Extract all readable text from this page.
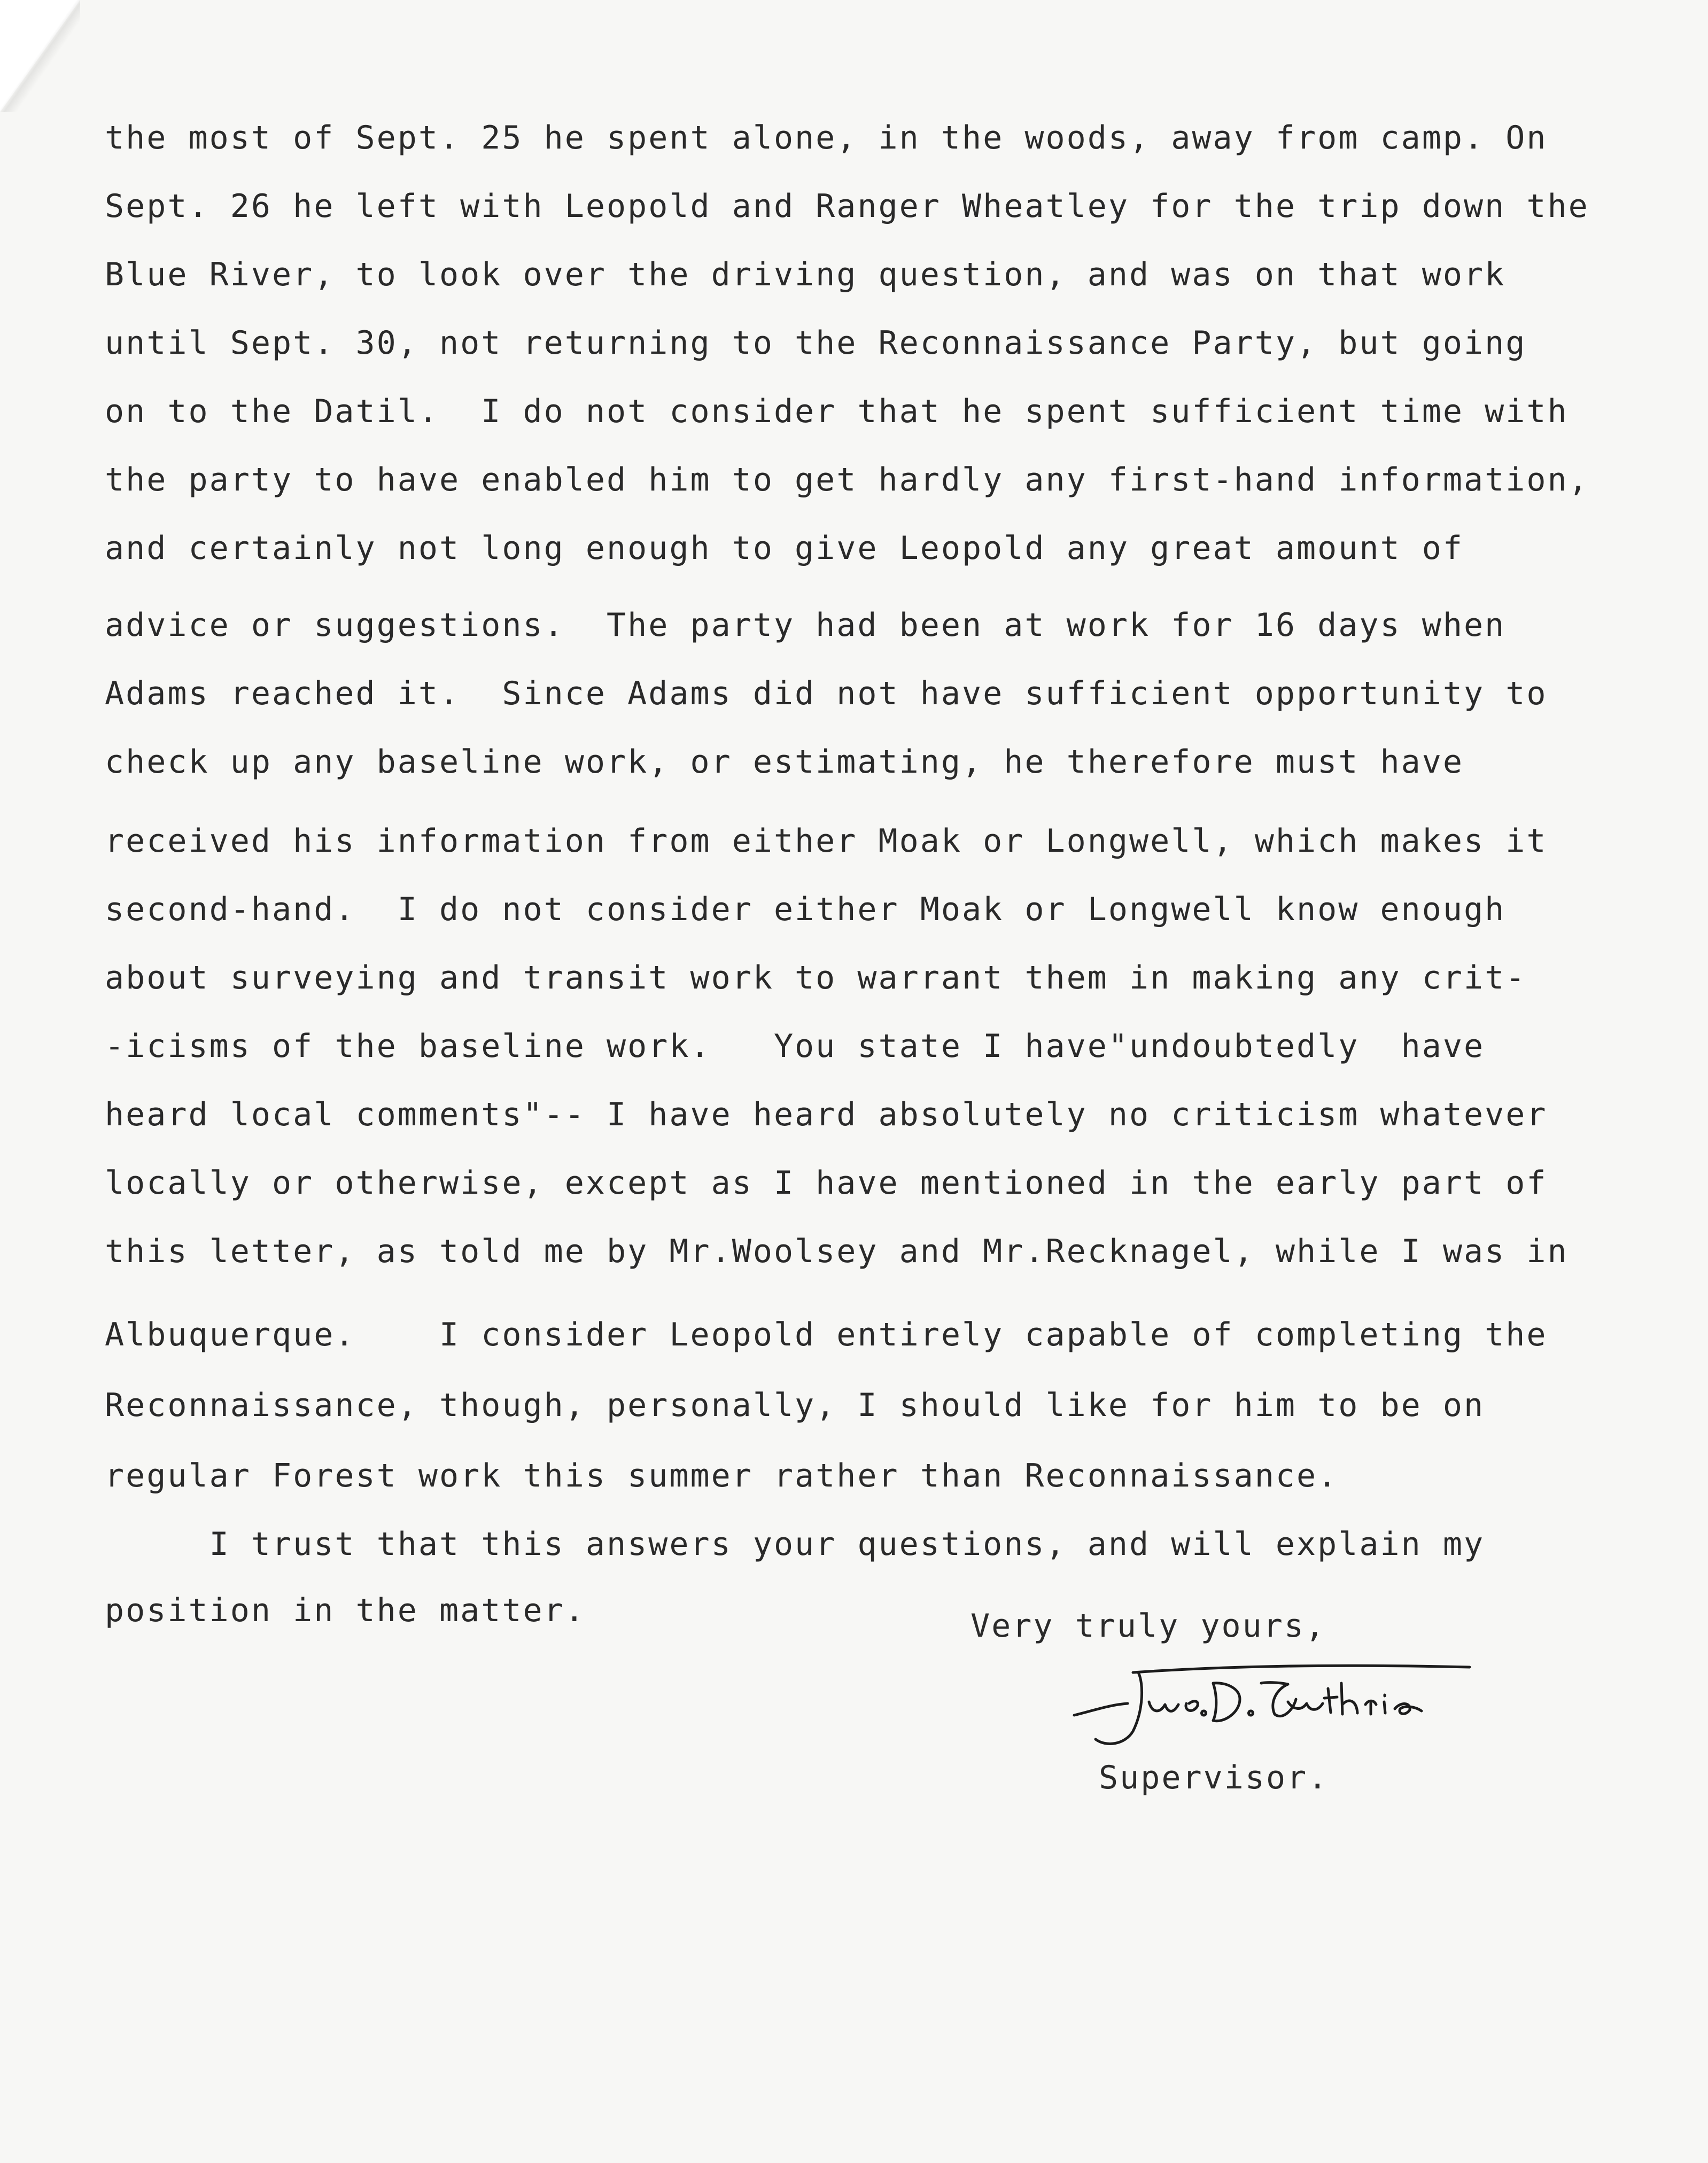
the most of Sept. 25 he spent alone, in the woods, away from camp. On
Sept. 26 he left with Leopold and Ranger Wheatley for the trip down the
Blue River, to look over the driving question, and was on that work
until Sept. 30, not returning to the Reconnaissance Party, but going
on to the Datil.  I do not consider that he spent sufficient time with
the party to have enabled him to get hardly any first-hand information,
and certainly not long enough to give Leopold any great amount of
advice or suggestions.  The party had been at work for 16 days when
Adams reached it.  Since Adams did not have sufficient opportunity to
check up any baseline work, or estimating, he therefore must have
received his information from either Moak or Longwell, which makes it
second-hand.  I do not consider either Moak or Longwell know enough
about surveying and transit work to warrant them in making any crit-
-icisms of the baseline work.   You state I have"undoubtedly  have
heard local comments"-- I have heard absolutely no criticism whatever
locally or otherwise, except as I have mentioned in the early part of
this letter, as told me by Mr.Woolsey and Mr.Recknagel, while I was in
Albuquerque.    I consider Leopold entirely capable of completing the
Reconnaissance, though, personally, I should like for him to be on
regular Forest work this summer rather than Reconnaissance.
I trust that this answers your questions, and will explain my
position in the matter.	Very truly yours,
Supervisor.
